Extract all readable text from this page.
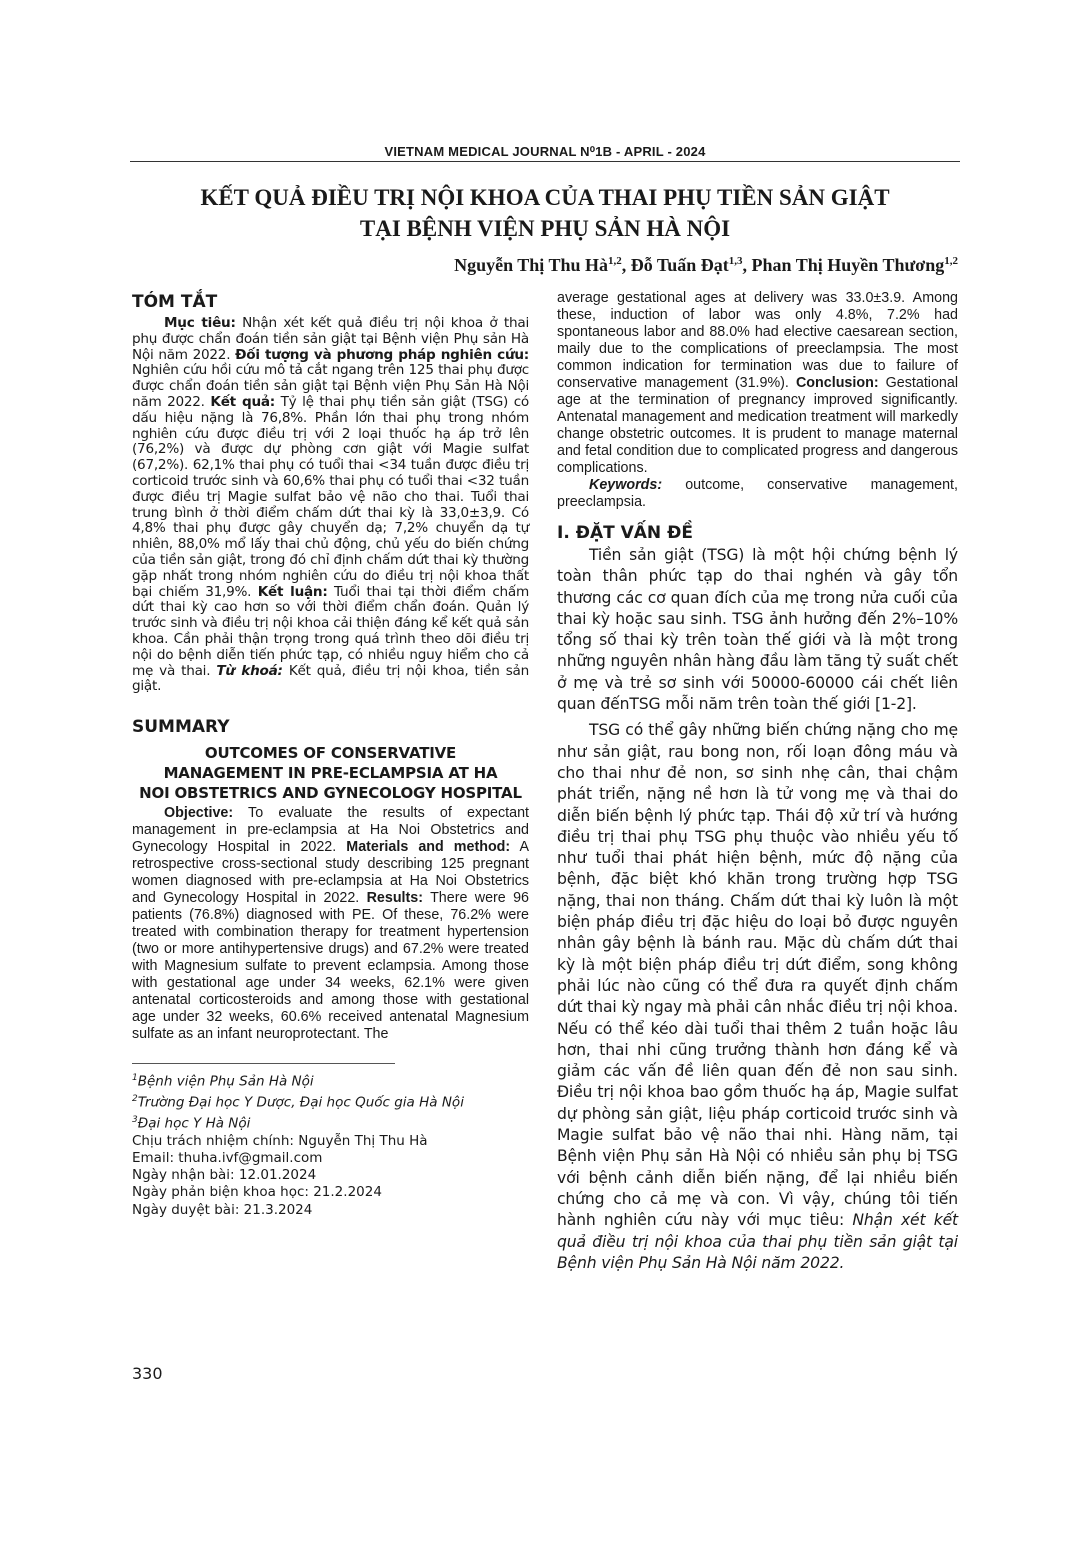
VIETNAM MEDICAL JOURNAL N⁰1B - APRIL - 2024
KẾT QUẢ ĐIỀU TRỊ NỘI KHOA CỦA THAI PHỤ TIỀN SẢN GIẬT
TẠI BỆNH VIỆN PHỤ SẢN HÀ NỘI
Nguyễn Thị Thu Hà$^{1,2}$, Đỗ Tuấn Đạt$^{1,3}$, Phan Thị Huyền Thương$^{1,2}$
TÓM TẮT

Mục tiêu: Nhận xét kết quả điều trị nội khoa ở thai phụ được chẩn đoán tiền sản giật tại Bệnh viện Phụ sản Hà Nội năm 2022. Đối tượng và phương pháp nghiên cứu: Nghiên cứu hồi cứu mô tả cắt ngang trên 125 thai phụ được được chẩn đoán tiền sản giật tại Bệnh viện Phụ Sản Hà Nội năm 2022. Kết quả: Tỷ lệ thai phụ tiền sản giật (TSG) có dấu hiệu nặng là 76,8%. Phần lớn thai phụ trong nhóm nghiên cứu được điều trị với 2 loại thuốc hạ áp trở lên (76,2%) và được dự phòng cơn giật với Magie sulfat (67,2%). 62,1% thai phụ có tuổi thai <34 tuần được điều trị corticoid trước sinh và 60,6% thai phụ có tuổi thai <32 tuần được điều trị Magie sulfat bảo vệ não cho thai. Tuổi thai trung bình ở thời điểm chấm dứt thai kỳ là 33,0±3,9. Có 4,8% thai phụ được gây chuyển dạ; 7,2% chuyển dạ tự nhiên, 88,0% mổ lấy thai chủ động, chủ yếu do biến chứng của tiền sản giật, trong đó chỉ định chấm dứt thai kỳ thường gặp nhất trong nhóm nghiên cứu do điều trị nội khoa thất bại chiếm 31,9%. Kết luận: Tuổi thai tại thời điểm chấm dứt thai kỳ cao hơn so với thời điểm chẩn đoán. Quản lý trước sinh và điều trị nội khoa cải thiện đáng kể kết quả sản khoa. Cần phải thận trọng trong quá trình theo dõi điều trị nội do bệnh diễn tiến phức tạp, có nhiều nguy hiểm cho cả mẹ và thai. Từ khoá: Kết quả, điều trị nội khoa, tiền sản giật.

SUMMARY
OUTCOMES OF CONSERVATIVE
MANAGEMENT IN PRE-ECLAMPSIA AT HA
NOI OBSTETRICS AND GYNECOLOGY HOSPITAL

Objective: To evaluate the results of expectant management in pre-eclampsia at Ha Noi Obstetrics and Gynecology Hospital in 2022. Materials and method: A retrospective cross-sectional study describing 125 pregnant women diagnosed with pre-eclampsia at Ha Noi Obstetrics and Gynecology Hospital in 2022. Results: There were 96 patients (76.8%) diagnosed with PE. Of these, 76.2% were treated with combination therapy for treatment hypertension (two or more antihypertensive drugs) and 67.2% were treated with Magnesium sulfate to prevent eclampsia. Among those with gestational age under 34 weeks, 62.1% were given antenatal corticosteroids and among those with gestational age under 32 weeks, 60.6% received antenatal Magnesium sulfate as an infant neuroprotectant. The

$^1$Bệnh viện Phụ Sản Hà Nội

$^2$Trường Đại học Y Dược, Đại học Quốc gia Hà Nội

$^3$Đại học Y Hà Nội

Chịu trách nhiệm chính: Nguyễn Thị Thu Hà

Email: thuha.ivf@gmail.com

Ngày nhận bài: 12.01.2024

Ngày phản biện khoa học: 21.2.2024

Ngày duyệt bài: 21.3.2024

average gestational ages at delivery was 33.0±3.9. Among these, induction of labor was only 4.8%, 7.2% had spontaneous labor and 88.0% had elective caesarean section, maily due to the complications of preeclampsia. The most common indication for termination was due to failure of conservative management (31.9%). Conclusion: Gestational age at the termination of pregnancy improved significantly. Antenatal management and medication treatment will markedly change obstetric outcomes. It is prudent to manage maternal and fetal condition due to complicated progress and dangerous complications.

Keywords: outcome, conservative management, preeclampsia.

I. ĐẶT VẤN ĐỀ

Tiền sản giật (TSG) là một hội chứng bệnh lý toàn thân phức tạp do thai nghén và gây tổn thương các cơ quan đích của mẹ trong nửa cuối của thai kỳ hoặc sau sinh. TSG ảnh hưởng đến 2%–10% tổng số thai kỳ trên toàn thế giới và là một trong những nguyên nhân hàng đầu làm tăng tỷ suất chết ở mẹ và trẻ sơ sinh với 50000-60000 cái chết liên quan đếnTSG mỗi năm trên toàn thế giới [1-2].

TSG có thể gây những biến chứng nặng cho mẹ như sản giật, rau bong non, rối loạn đông máu và cho thai như đẻ non, sơ sinh nhẹ cân, thai chậm phát triển, nặng nề hơn là tử vong mẹ và thai do diễn biến bệnh lý phức tạp. Thái độ xử trí và hướng điều trị thai phụ TSG phụ thuộc vào nhiều yếu tố như tuổi thai phát hiện bệnh, mức độ nặng của bệnh, đặc biệt khó khăn trong trường hợp TSG nặng, thai non tháng. Chấm dứt thai kỳ luôn là một biện pháp điều trị đặc hiệu do loại bỏ được nguyên nhân gây bệnh là bánh rau. Mặc dù chấm dứt thai kỳ là một biện pháp điều trị dứt điểm, song không phải lúc nào cũng có thể đưa ra quyết định chấm dứt thai kỳ ngay mà phải cân nhắc điều trị nội khoa. Nếu có thể kéo dài tuổi thai thêm 2 tuần hoặc lâu hơn, thai nhi cũng trưởng thành hơn đáng kể và giảm các vấn đề liên quan đến đẻ non sau sinh. Điều trị nội khoa bao gồm thuốc hạ áp, Magie sulfat dự phòng sản giật, liệu pháp corticoid trước sinh và Magie sulfat bảo vệ não thai nhi. Hàng năm, tại Bệnh viện Phụ sản Hà Nội có nhiều sản phụ bị TSG với bệnh cảnh diễn biến nặng, để lại nhiều biến chứng cho cả mẹ và con. Vì vậy, chúng tôi tiến hành nghiên cứu này với mục tiêu: Nhận xét kết quả điều trị nội khoa của thai phụ tiền sản giật tại Bệnh viện Phụ Sản Hà Nội năm 2022.

330
